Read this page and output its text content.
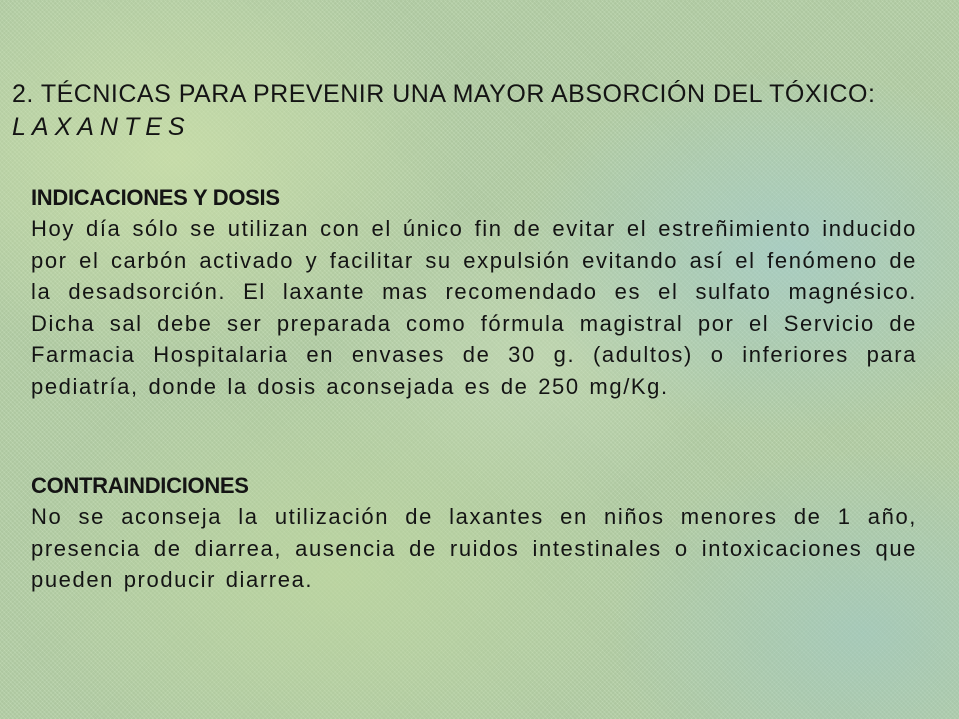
2. TÉCNICAS PARA PREVENIR UNA MAYOR ABSORCIÓN DEL TÓXICO: LAXANTES
INDICACIONES Y DOSIS

Hoy día sólo se utilizan con el único fin de evitar el estreñimiento inducido por el carbón activado y facilitar su expulsión evitando así el fenómeno de la desadsorción. El laxante mas recomendado es el sulfato magnésico. Dicha sal debe ser preparada como fórmula magistral por el Servicio de Farmacia Hospitalaria en envases de 30 g. (adultos) o inferiores para pediatría, donde la dosis aconsejada es de 250 mg/Kg.

CONTRAINDICIONES

No se aconseja la utilización de laxantes en niños menores de 1 año, presencia de diarrea, ausencia de ruidos intestinales o intoxicaciones que pueden producir diarrea.
